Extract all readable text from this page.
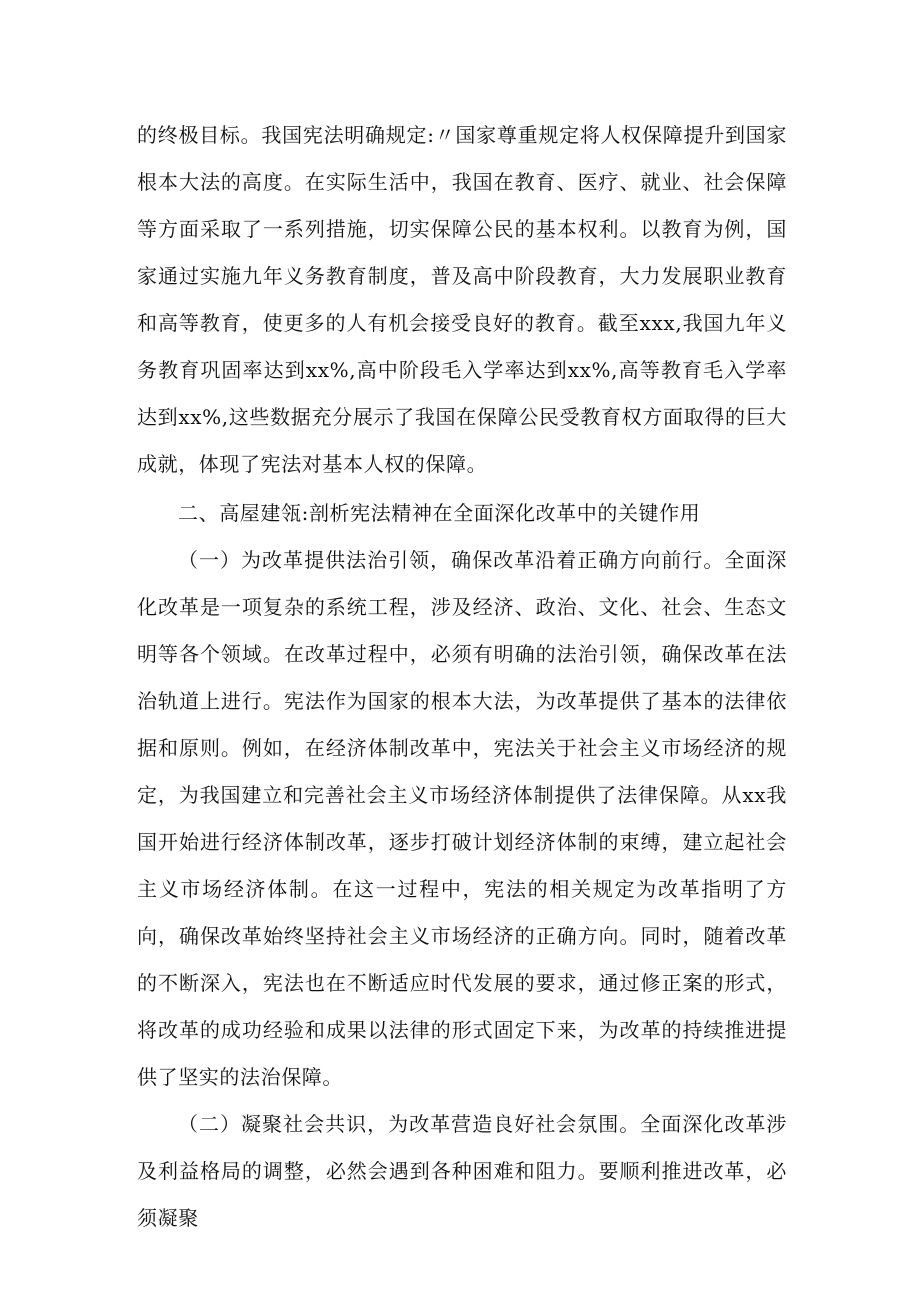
的终极目标。我国宪法明确规定:〃国家尊重规定将人权保障提升到国家根本大法的高度。在实际生活中，我国在教育、医疗、就业、社会保障等方面采取了一系列措施，切实保障公民的基本权利。以教育为例，国家通过实施九年义务教育制度，普及高中阶段教育，大力发展职业教育和高等教育，使更多的人有机会接受良好的教育。截至xxx,我国九年义务教育巩固率达到xx%,高中阶段毛入学率达到xx%,高等教育毛入学率达到xx%,这些数据充分展示了我国在保障公民受教育权方面取得的巨大成就，体现了宪法对基本人权的保障。

二、高屋建瓴:剖析宪法精神在全面深化改革中的关键作用

（一）为改革提供法治引领，确保改革沿着正确方向前行。全面深化改革是一项复杂的系统工程，涉及经济、政治、文化、社会、生态文明等各个领域。在改革过程中，必须有明确的法治引领，确保改革在法治轨道上进行。宪法作为国家的根本大法，为改革提供了基本的法律依据和原则。例如，在经济体制改革中，宪法关于社会主义市场经济的规定，为我国建立和完善社会主义市场经济体制提供了法律保障。从xx我国开始进行经济体制改革，逐步打破计划经济体制的束缚，建立起社会主义市场经济体制。在这一过程中，宪法的相关规定为改革指明了方向，确保改革始终坚持社会主义市场经济的正确方向。同时，随着改革的不断深入，宪法也在不断适应时代发展的要求，通过修正案的形式，将改革的成功经验和成果以法律的形式固定下来，为改革的持续推进提供了坚实的法治保障。

（二）凝聚社会共识，为改革营造良好社会氛围。全面深化改革涉及利益格局的调整，必然会遇到各种困难和阻力。要顺利推进改革，必须凝聚
